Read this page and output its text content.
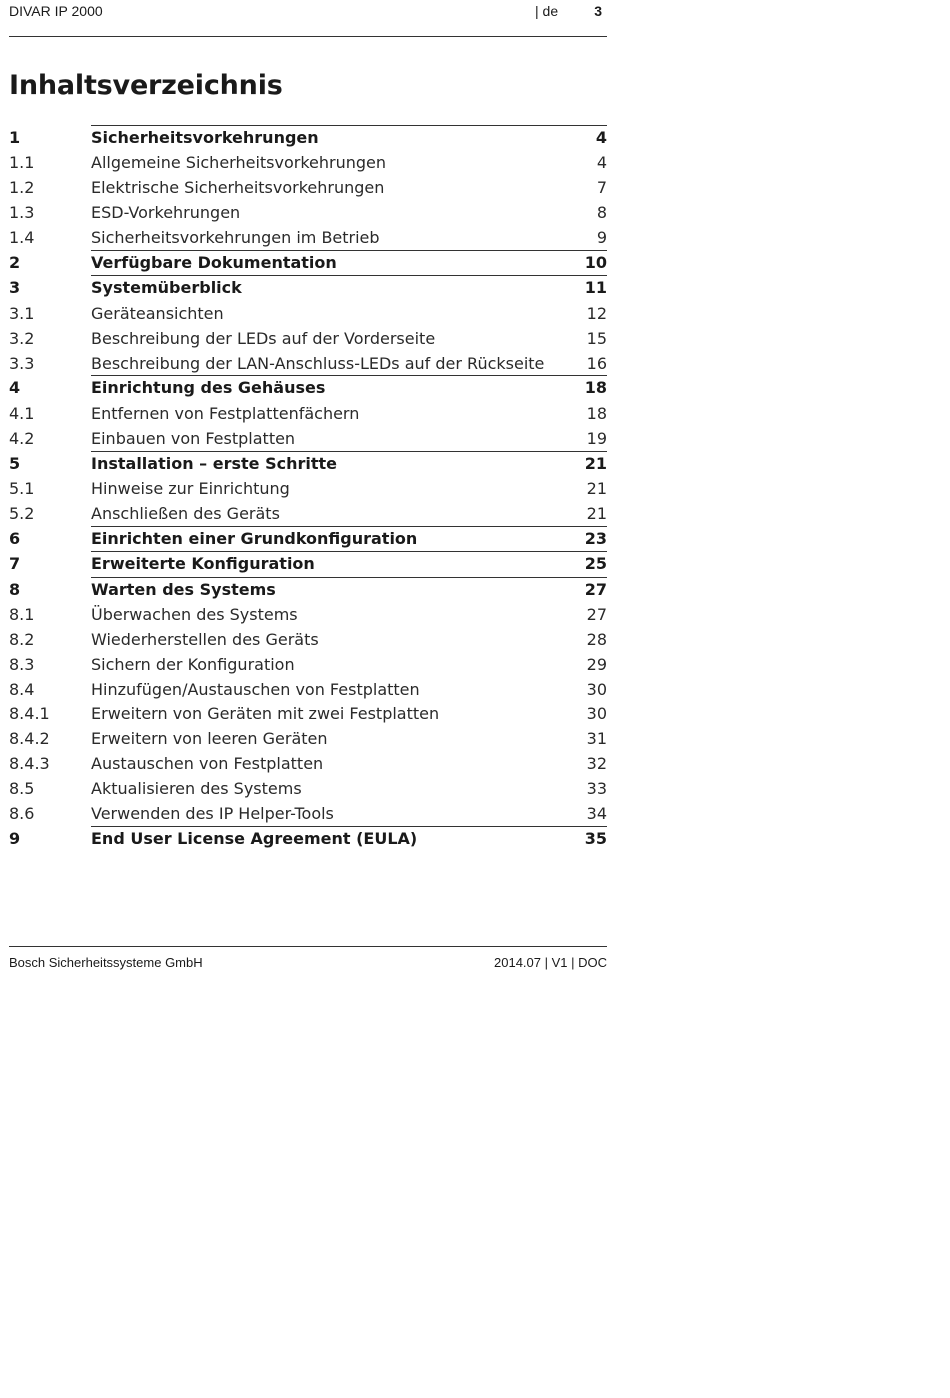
DIVAR IP 2000	| de	3
Inhaltsverzeichnis
1	Sicherheitsvorkehrungen	4
1.1	Allgemeine Sicherheitsvorkehrungen	4
1.2	Elektrische Sicherheitsvorkehrungen	7
1.3	ESD-Vorkehrungen	8
1.4	Sicherheitsvorkehrungen im Betrieb	9
2	Verfügbare Dokumentation	10
3	Systemüberblick	11
3.1	Geräteansichten	12
3.2	Beschreibung der LEDs auf der Vorderseite	15
3.3	Beschreibung der LAN-Anschluss-LEDs auf der Rückseite	16
4	Einrichtung des Gehäuses	18
4.1	Entfernen von Festplattenfächern	18
4.2	Einbauen von Festplatten	19
5	Installation – erste Schritte	21
5.1	Hinweise zur Einrichtung	21
5.2	Anschließen des Geräts	21
6	Einrichten einer Grundkonfiguration	23
7	Erweiterte Konfiguration	25
8	Warten des Systems	27
8.1	Überwachen des Systems	27
8.2	Wiederherstellen des Geräts	28
8.3	Sichern der Konfiguration	29
8.4	Hinzufügen/Austauschen von Festplatten	30
8.4.1	Erweitern von Geräten mit zwei Festplatten	30
8.4.2	Erweitern von leeren Geräten	31
8.4.3	Austauschen von Festplatten	32
8.5	Aktualisieren des Systems	33
8.6	Verwenden des IP Helper-Tools	34
9	End User License Agreement (EULA)	35
Bosch Sicherheitssysteme GmbH	2014.07 | V1 | DOC
